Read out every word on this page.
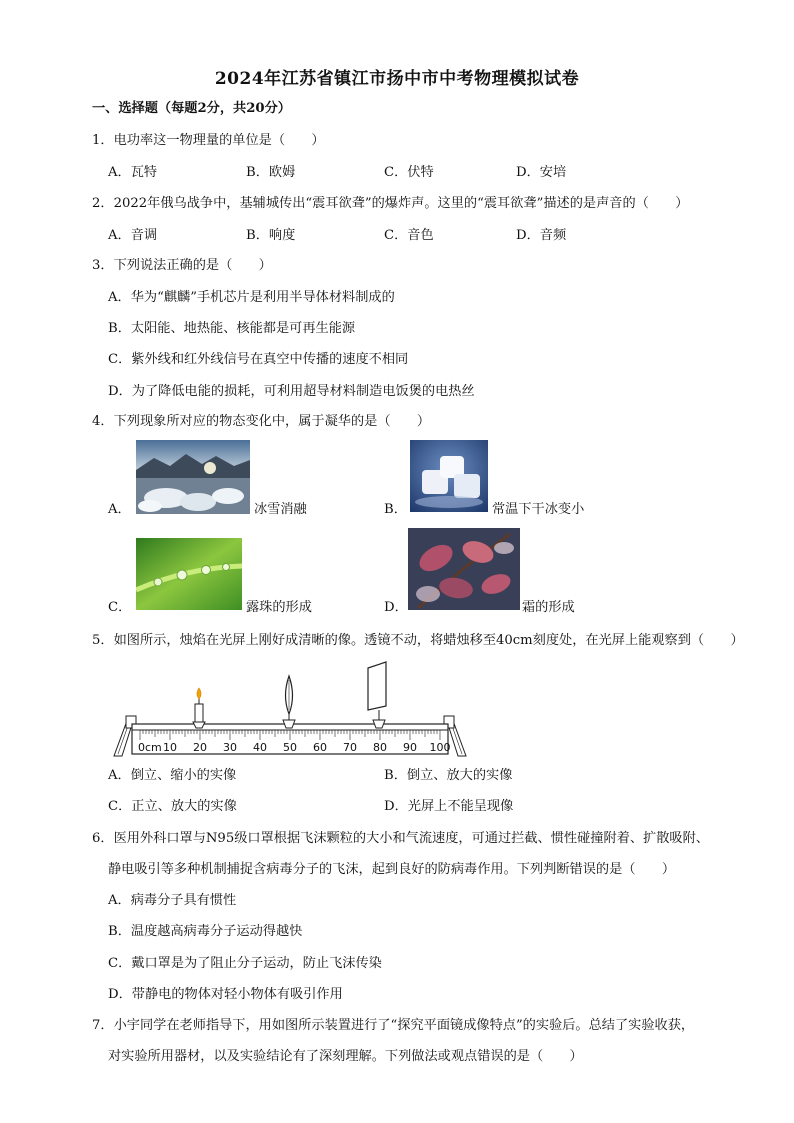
2024年江苏省镇江市扬中市中考物理模拟试卷
一、选择题（每题2分，共20分）
1．电功率这一物理量的单位是（　　）
A．瓦特	B．欧姆	C．伏特	D．安培
2．2022年俄乌战争中，基辅城传出“震耳欲聋”的爆炸声。这里的“震耳欲聋”描述的是声音的（　　）
A．音调	B．响度	C．音色	D．音频
3．下列说法正确的是（　　）
A．华为“麒麟”手机芯片是利用半导体材料制成的
B．太阳能、地热能、核能都是可再生能源
C．紫外线和红外线信号在真空中传播的速度不相同
D．为了降低电能的损耗，可利用超导材料制造电饭煲的电热丝
4．下列现象所对应的物态变化中，属于凝华的是（　　）
A．	冰雪消融	B．	常温下干冰变小
C．	露珠的形成	D．	霜的形成
5．如图所示，烛焰在光屏上刚好成清晰的像。透镜不动，将蜡烛移至40cm刻度处，在光屏上能观察到（　　）
0cm 10 20 30 40 50 60 70 80 90 100
A．倒立、缩小的实像	B．倒立、放大的实像
C．正立、放大的实像	D．光屏上不能呈现像
6．医用外科口罩与N95级口罩根据飞沫颗粒的大小和气流速度，可通过拦截、惯性碰撞附着、扩散吸附、
静电吸引等多种机制捕捉含病毒分子的飞沫，起到良好的防病毒作用。下列判断错误的是（　　）
A．病毒分子具有惯性
B．温度越高病毒分子运动得越快
C．戴口罩是为了阻止分子运动，防止飞沫传染
D．带静电的物体对轻小物体有吸引作用
7．小宇同学在老师指导下，用如图所示装置进行了“探究平面镜成像特点”的实验后。总结了实验收获，
对实验所用器材，以及实验结论有了深刻理解。下列做法或观点错误的是（　　）
